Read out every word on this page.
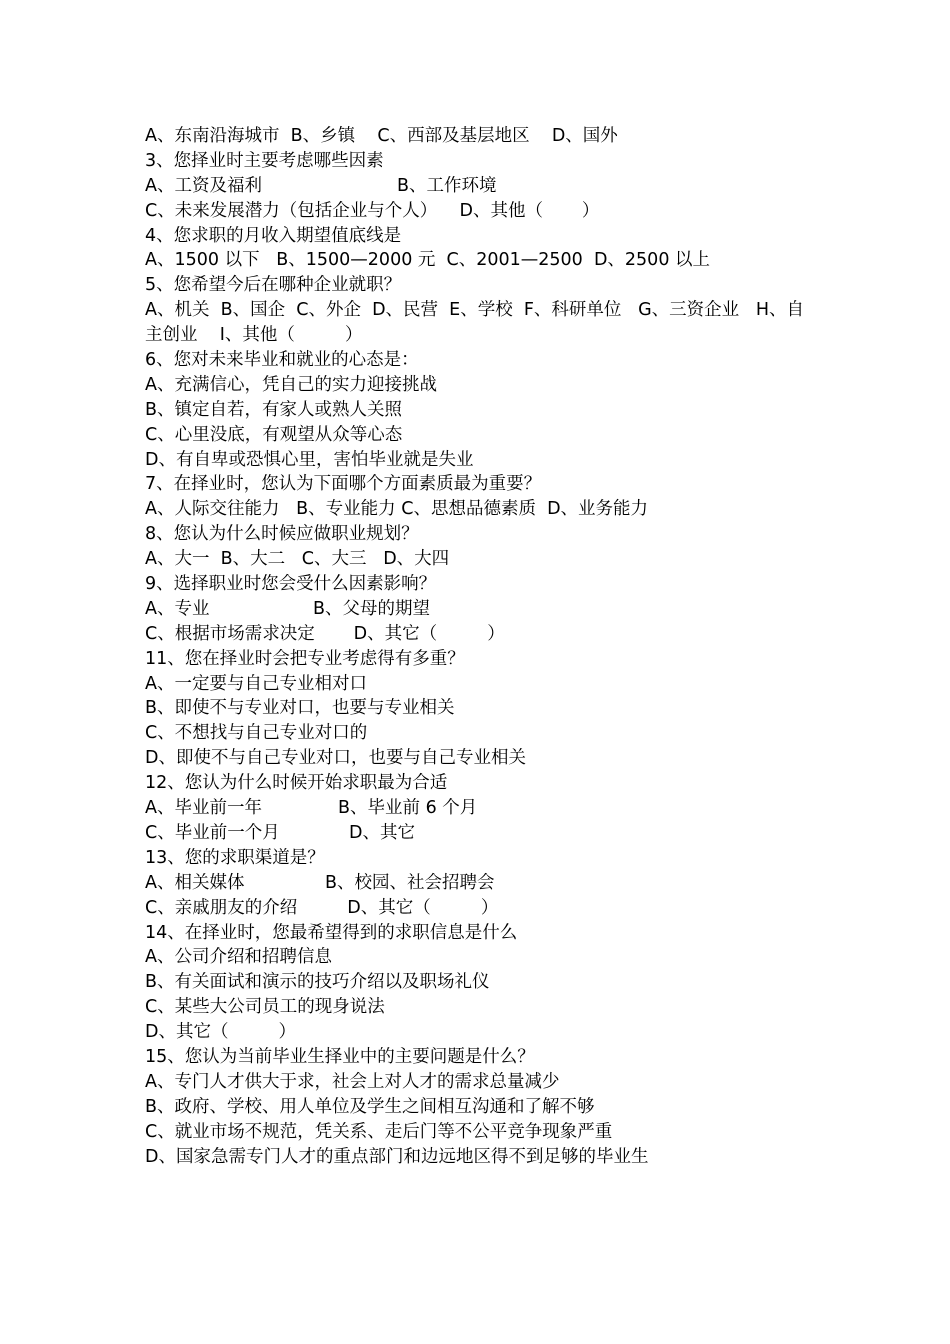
A、东南沿海城市  B、乡镇    C、西部及基层地区    D、国外
3、您择业时主要考虑哪些因素
A、工资及福利	B、工作环境
C、未来发展潜力（包括企业与个人）    D、其他（       ）
4、您求职的月收入期望值底线是
A、1500 以下   B、1500—2000 元  C、2001—2500  D、2500 以上
5、您希望今后在哪种企业就职？
A、机关  B、国企  C、外企  D、民营  E、学校  F、科研单位   G、三资企业   H、自
主创业    I、其他（         ）
6、您对未来毕业和就业的心态是：
A、充满信心，凭自己的实力迎接挑战
B、镇定自若，有家人或熟人关照
C、心里没底，有观望从众等心态
D、有自卑或恐惧心里，害怕毕业就是失业
7、在择业时，您认为下面哪个方面素质最为重要？
A、人际交往能力   B、专业能力 C、思想品德素质  D、业务能力
8、您认为什么时候应做职业规划？
A、大一  B、大二   C、大三   D、大四
9、选择职业时您会受什么因素影响？
A、专业	B、父母的期望
C、根据市场需求决定       D、其它（         ）
11、您在择业时会把专业考虑得有多重？
A、一定要与自己专业相对口
B、即使不与专业对口，也要与专业相关
C、不想找与自己专业对口的
D、即使不与自己专业对口，也要与自己专业相关
12、您认为什么时候开始求职最为合适
A、毕业前一年	B、毕业前 6 个月
C、毕业前一个月	D、其它
13、您的求职渠道是？
A、相关媒体	B、校园、社会招聘会
C、亲戚朋友的介绍         D、其它（         ）
14、在择业时，您最希望得到的求职信息是什么
A、公司介绍和招聘信息
B、有关面试和演示的技巧介绍以及职场礼仪
C、某些大公司员工的现身说法
D、其它（         ）
15、您认为当前毕业生择业中的主要问题是什么？
A、专门人才供大于求，社会上对人才的需求总量减少
B、政府、学校、用人单位及学生之间相互沟通和了解不够
C、就业市场不规范，凭关系、走后门等不公平竞争现象严重
D、国家急需专门人才的重点部门和边远地区得不到足够的毕业生
